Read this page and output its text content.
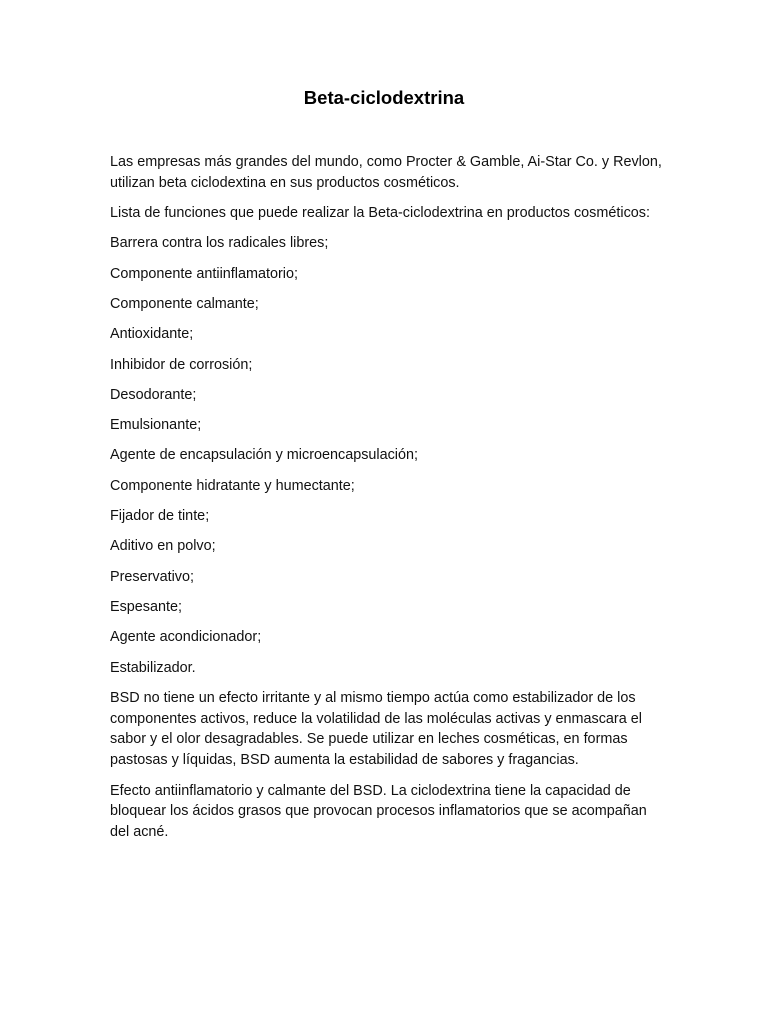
Beta-ciclodextrina

Las empresas más grandes del mundo, como Procter & Gamble, Ai-Star Co. y Revlon, utilizan beta ciclodextina en sus productos cosméticos.

Lista de funciones que puede realizar la Beta-ciclodextrina en productos cosméticos:

Barrera contra los radicales libres;
Componente antiinflamatorio;
Componente calmante;
Antioxidante;
Inhibidor de corrosión;
Desodorante;
Emulsionante;
Agente de encapsulación y microencapsulación;
Componente hidratante y humectante;
Fijador de tinte;
Aditivo en polvo;
Preservativo;
Espesante;
Agente acondicionador;
Estabilizador.

BSD no tiene un efecto irritante y al mismo tiempo actúa como estabilizador de los componentes activos, reduce la volatilidad de las moléculas activas y enmascara el sabor y el olor desagradables. Se puede utilizar en leches cosméticas, en formas pastosas y líquidas, BSD aumenta la estabilidad de sabores y fragancias.

Efecto antiinflamatorio y calmante del BSD. La ciclodextrina tiene la capacidad de bloquear los ácidos grasos que provocan procesos inflamatorios que se acompañan del acné.
